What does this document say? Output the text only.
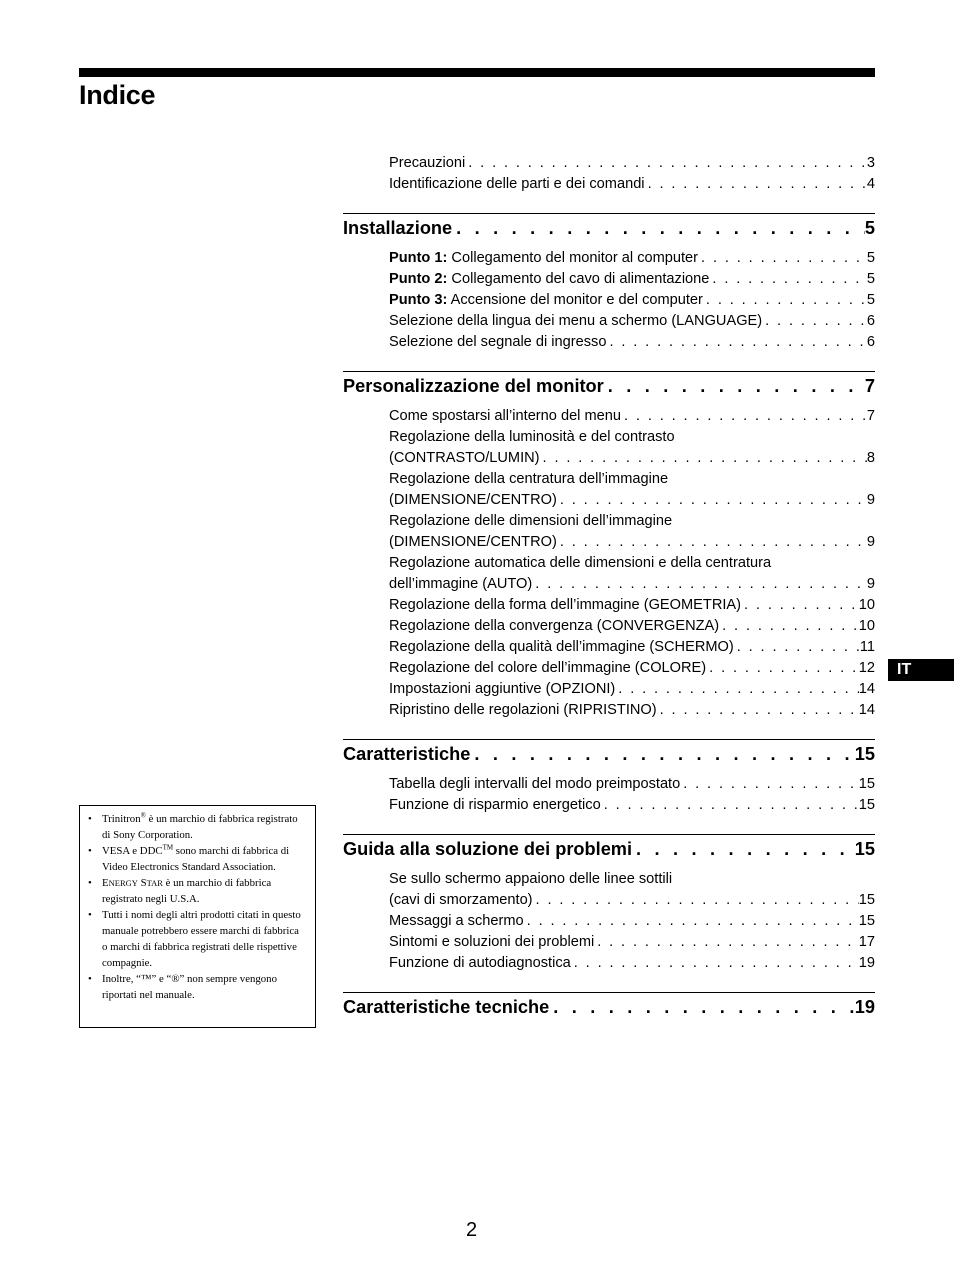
Indice
Precauzioni . . .	3
Identificazione delle parti e dei comandi . . .	4
Installazione . . .	5
Punto 1: Collegamento del monitor al computer . . .	5
Punto 2: Collegamento del cavo di alimentazione . . .	5
Punto 3: Accensione del monitor e del computer . . .	5
Selezione della lingua dei menu a schermo (LANGUAGE) . . .	6
Selezione del segnale di ingresso . . .	6
Personalizzazione del monitor . . .	7
Come spostarsi all’interno del menu . . .	7
Regolazione della luminosità e del contrasto
(CONTRASTO/LUMIN) . . .	8
Regolazione della centratura dell’immagine
(DIMENSIONE/CENTRO) . . .	9
Regolazione delle dimensioni dell’immagine
(DIMENSIONE/CENTRO) . . .	9
Regolazione automatica delle dimensioni e della centratura
dell’immagine (AUTO) . . .	9
Regolazione della forma dell’immagine (GEOMETRIA) . . .	10
Regolazione della convergenza (CONVERGENZA) . . .	10
Regolazione della qualità dell’immagine (SCHERMO) . . .	11
Regolazione del colore dell’immagine (COLORE) . . .	12
Impostazioni aggiuntive (OPZIONI) . . .	14
Ripristino delle regolazioni (RIPRISTINO) . . .	14
Caratteristiche . . .	15
Tabella degli intervalli del modo preimpostato . . .	15
Funzione di risparmio energetico . . .	15
Guida alla soluzione dei problemi . . .	15
Se sullo schermo appaiono delle linee sottili
(cavi di smorzamento) . . .	15
Messaggi a schermo . . .	15
Sintomi e soluzioni dei problemi . . .	17
Funzione di autodiagnostica . . .	19
Caratteristiche tecniche . . .	19
IT
• Trinitron® è un marchio di fabbrica registrato di Sony Corporation.
• VESA e DDC™ sono marchi di fabbrica di Video Electronics Standard Association.
• ENERGY STAR è un marchio di fabbrica registrato negli U.S.A.
• Tutti i nomi degli altri prodotti citati in questo manuale potrebbero essere marchi di fabbrica o marchi di fabbrica registrati delle rispettive compagnie.
• Inoltre, “™” e “®” non sempre vengono riportati nel manuale.
2
